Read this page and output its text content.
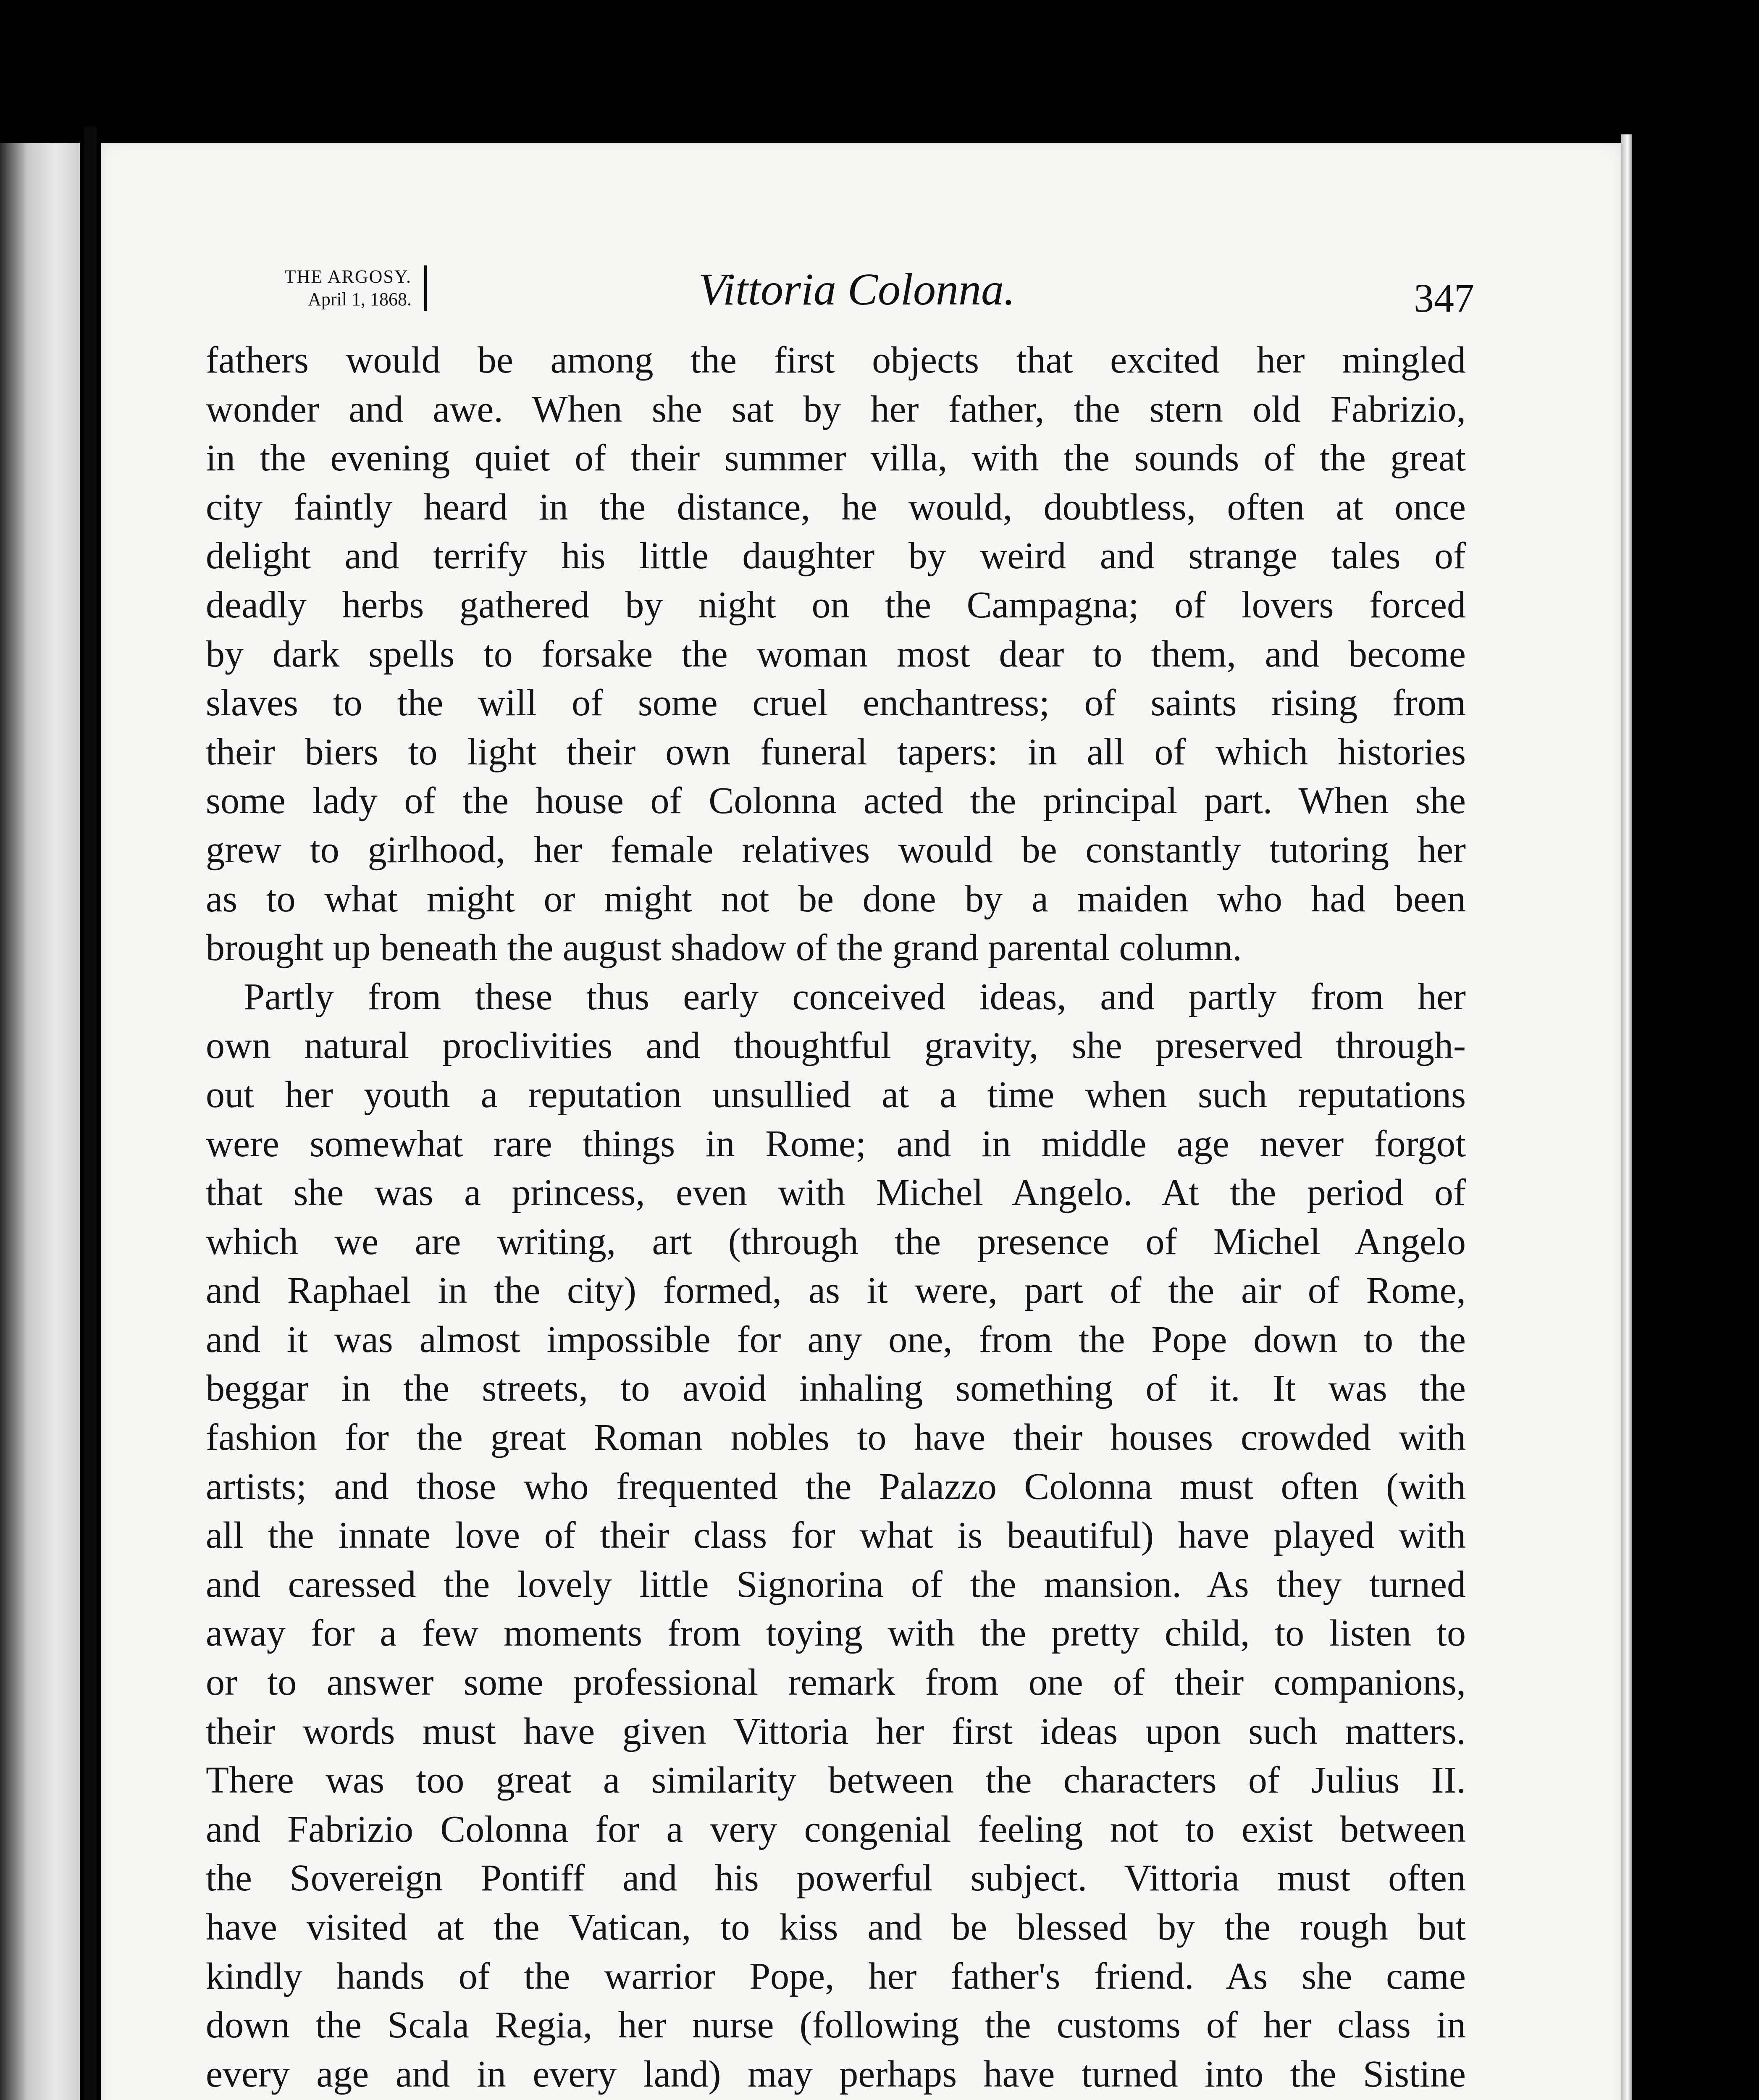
THE ARGOSY.
April 1, 1868.	Vittoria Colonna.	347
fathers would be among the first objects that excited her mingled
wonder and awe. When she sat by her father, the stern old Fabrizio,
in the evening quiet of their summer villa, with the sounds of the great
city faintly heard in the distance, he would, doubtless, often at once
delight and terrify his little daughter by weird and strange tales of
deadly herbs gathered by night on the Campagna; of lovers forced
by dark spells to forsake the woman most dear to them, and become
slaves to the will of some cruel enchantress; of saints rising from
their biers to light their own funeral tapers: in all of which histories
some lady of the house of Colonna acted the principal part. When she
grew to girlhood, her female relatives would be constantly tutoring her
as to what might or might not be done by a maiden who had been
brought up beneath the august shadow of the grand parental column.
Partly from these thus early conceived ideas, and partly from her
own natural proclivities and thoughtful gravity, she preserved through-
out her youth a reputation unsullied at a time when such reputations
were somewhat rare things in Rome; and in middle age never forgot
that she was a princess, even with Michel Angelo. At the period of
which we are writing, art (through the presence of Michel Angelo
and Raphael in the city) formed, as it were, part of the air of Rome,
and it was almost impossible for any one, from the Pope down to the
beggar in the streets, to avoid inhaling something of it. It was the
fashion for the great Roman nobles to have their houses crowded with
artists; and those who frequented the Palazzo Colonna must often (with
all the innate love of their class for what is beautiful) have played with
and caressed the lovely little Signorina of the mansion. As they turned
away for a few moments from toying with the pretty child, to listen to
or to answer some professional remark from one of their companions,
their words must have given Vittoria her first ideas upon such matters.
There was too great a similarity between the characters of Julius II.
and Fabrizio Colonna for a very congenial feeling not to exist between
the Sovereign Pontiff and his powerful subject. Vittoria must often
have visited at the Vatican, to kiss and be blessed by the rough but
kindly hands of the warrior Pope, her father's friend. As she came
down the Scala Regia, her nurse (following the customs of her class in
every age and in every land) may perhaps have turned into the Sistine
